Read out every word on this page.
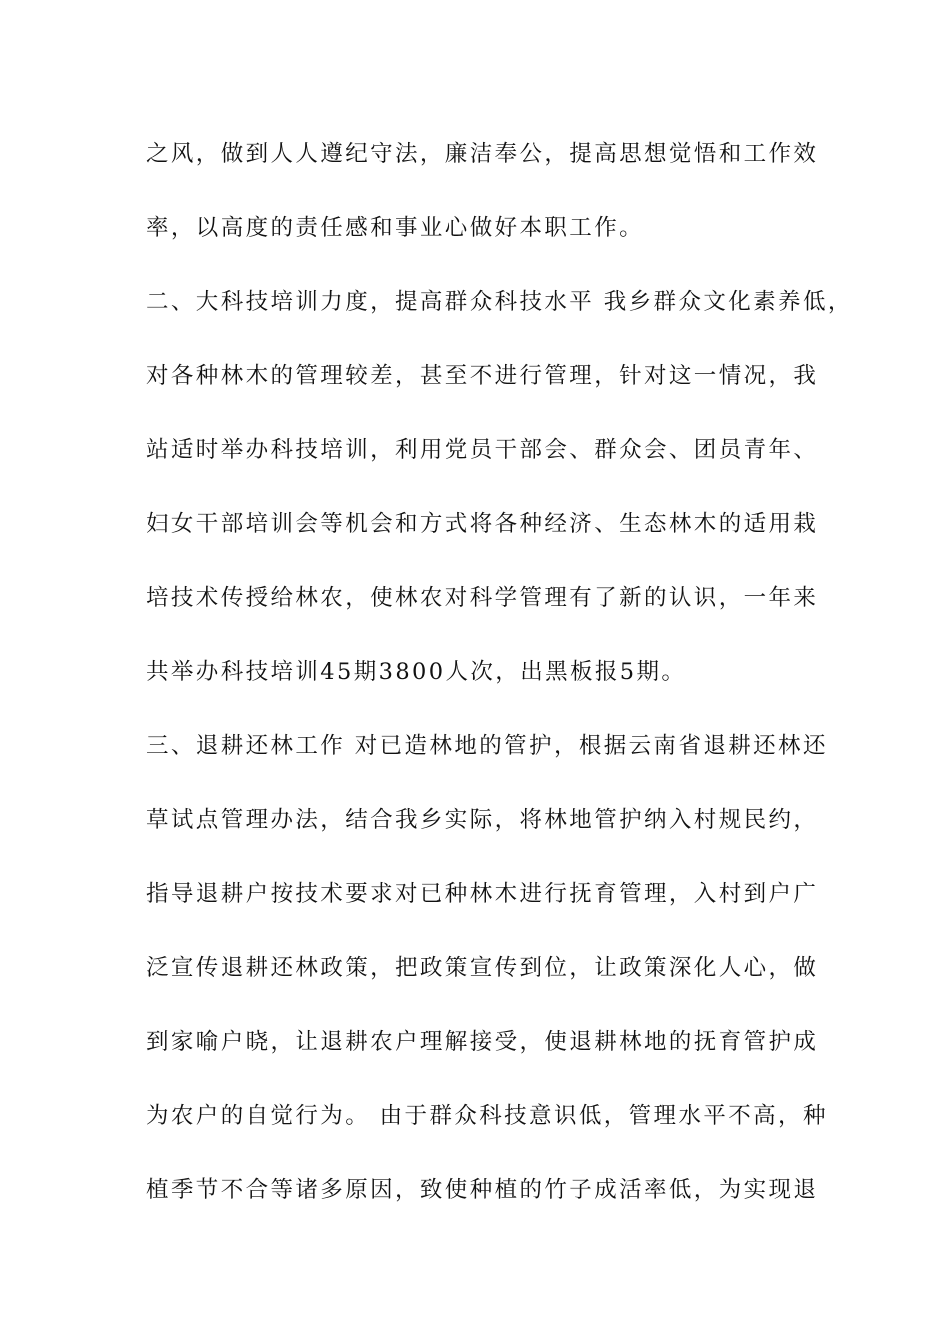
之风，做到人人遵纪守法，廉洁奉公，提高思想觉悟和工作效
率，以高度的责任感和事业心做好本职工作。
二、大科技培训力度，提高群众科技水平 我乡群众文化素养低，
对各种林木的管理较差，甚至不进行管理，针对这一情况，我
站适时举办科技培训，利用党员干部会、群众会、团员青年、
妇女干部培训会等机会和方式将各种经济、生态林木的适用栽
培技术传授给林农，使林农对科学管理有了新的认识，一年来
共举办科技培训45期3800人次，出黑板报5期。
三、退耕还林工作 对已造林地的管护，根据云南省退耕还林还
草试点管理办法，结合我乡实际，将林地管护纳入村规民约，
指导退耕户按技术要求对已种林木进行抚育管理，入村到户广
泛宣传退耕还林政策，把政策宣传到位，让政策深化人心，做
到家喻户晓，让退耕农户理解接受，使退耕林地的抚育管护成
为农户的自觉行为。 由于群众科技意识低，管理水平不高，种
植季节不合等诸多原因，致使种植的竹子成活率低，为实现退
